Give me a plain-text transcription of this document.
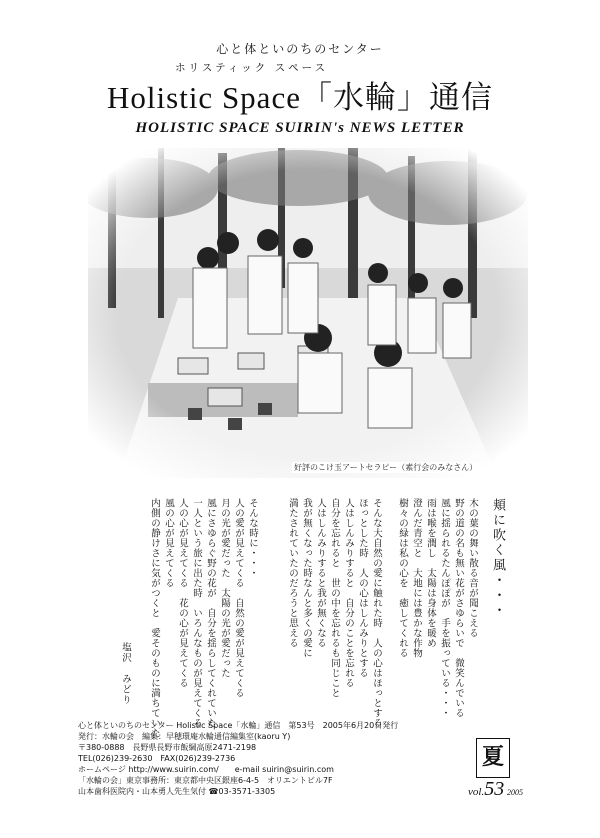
心と体といのちのセンター
ホリスティック スペース
Holistic Space「水輪」通信
HOLISTIC SPACE SUIRIN's NEWS LETTER
好評のこけ玉アートセラピー（素行会のみなさん）
頬に吹く風・・・
木の葉の舞い散る音が聞こえる
野の道の名も無い花がさゆらいで　微笑んでいる
風に揺られるたんぽぽが　手を振っている・・・
雨は喉を潤し　太陽は身体を暖め
澄んだ青空と　大地には豊かな作物
樹々の緑は私の心を　癒してくれる
そんな大自然の愛に触れた時　人の心はほっとする
ほっとした時　人の心はしんみりとする
人はしんみりすると　自分のことを忘れる
自分を忘れると　世の中を忘れるも同じこと
人はしんみりすると我が無くなる
我が無くなった時なんと多くの愛に
満たされていたのだろうと思える
そんな時に・・・
人の愛が見えてくる　自然の愛が見えてくる
月の光が愛だった　太陽の光が愛だった
風にさゆらぐ野の花が　自分を揺らしてくれていた
一人という旅に出た時　いろんなものが見えてくる
人の心が見えてくる　花の心が見えてくる
風の心が見えてくる
内側の静けさに気がつくと　愛そのものに満ちていた
塩沢　みどり
心と体といのちのセンター Holistic Space「水輪」通信　第53号　2005年6月20日発行
発行：水輪の会　編集：早穂環庵水輪通信編集室(kaoru Y)
〒380-0888　長野県長野市飯綱高原2471-2198
TEL(026)239-2630　FAX(026)239-2736
ホームページ http://www.suirin.com/　　e-mail suirin@suirin.com
「水輪の会」東京事務所：東京都中央区銀座6-4-5　オリエントビル7F
山本歯科医院内・山本勇人先生気付 ☎03-3571-3305
夏
vol.53 2005
